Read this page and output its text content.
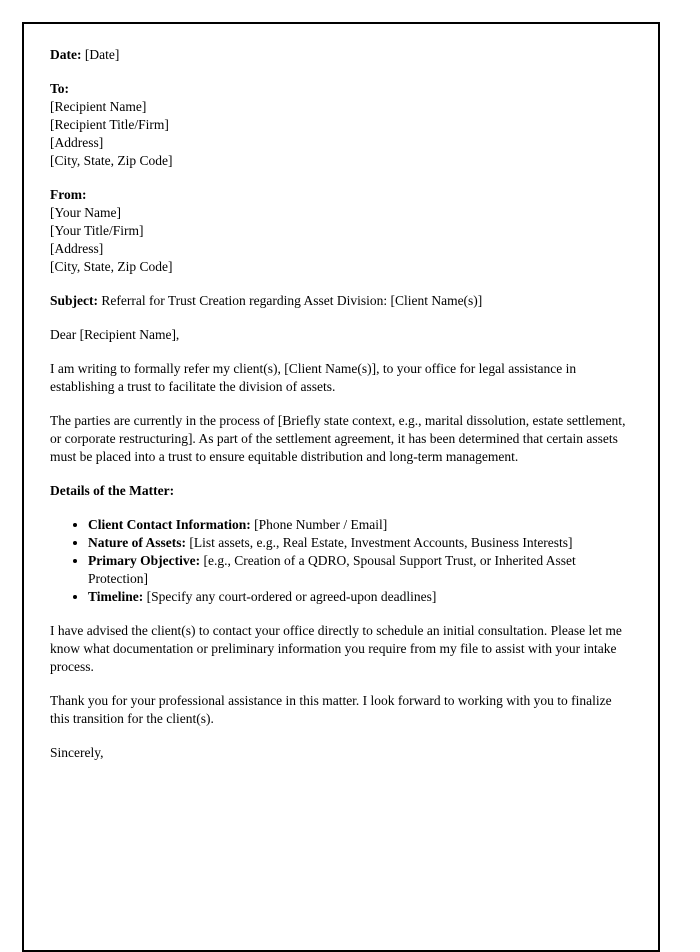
Date: [Date]

To:
[Recipient Name]
[Recipient Title/Firm]
[Address]
[City, State, Zip Code]
From:
[Your Name]
[Your Title/Firm]
[Address]
[City, State, Zip Code]

Subject: Referral for Trust Creation regarding Asset Division: [Client Name(s)]

Dear [Recipient Name],

I am writing to formally refer my client(s), [Client Name(s)], to your office for legal assistance in establishing a trust to facilitate the division of assets.

The parties are currently in the process of [Briefly state context, e.g., marital dissolution, estate settlement, or corporate restructuring]. As part of the settlement agreement, it has been determined that certain assets must be placed into a trust to ensure equitable distribution and long-term management.

Details of the Matter:

• Client Contact Information: [Phone Number / Email]
• Nature of Assets: [List assets, e.g., Real Estate, Investment Accounts, Business Interests]
• Primary Objective: [e.g., Creation of a QDRO, Spousal Support Trust, or Inherited Asset Protection]
• Timeline: [Specify any court-ordered or agreed-upon deadlines]

I have advised the client(s) to contact your office directly to schedule an initial consultation. Please let me know what documentation or preliminary information you require from my file to assist with your intake process.

Thank you for your professional assistance in this matter. I look forward to working with you to finalize this transition for the client(s).

Sincerely,
